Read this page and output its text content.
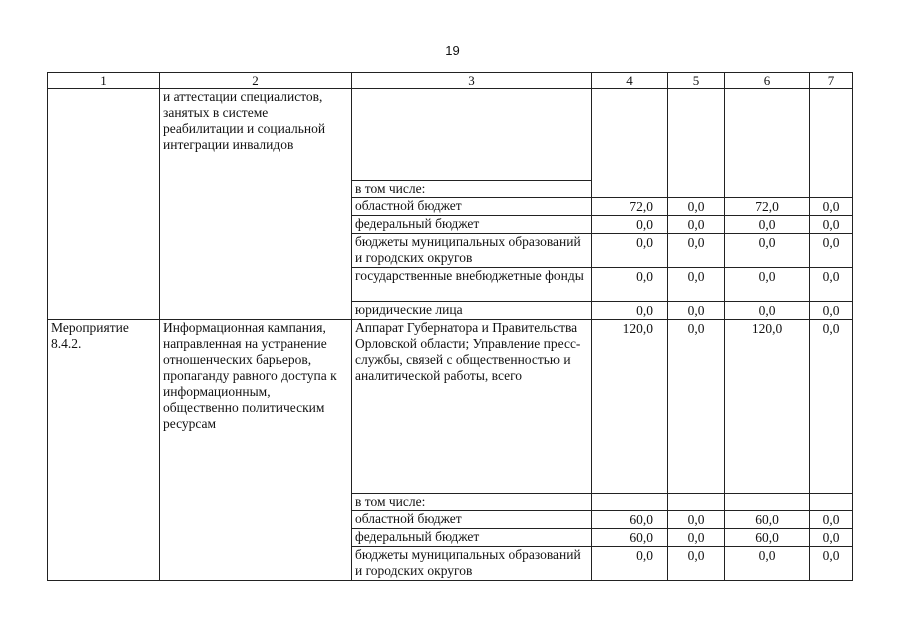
19
1	2	3	4	5	6	7
	и аттестации специалистов, занятых в системе реабилитации и социальной интеграции инвалидов					
		в том числе:				
		областной бюджет	72,0	0,0	72,0	0,0
		федеральный бюджет	0,0	0,0	0,0	0,0
		бюджеты муниципальных образований и городских округов	0,0	0,0	0,0	0,0
		государственные внебюджетные фонды	0,0	0,0	0,0	0,0
		юридические лица	0,0	0,0	0,0	0,0
Мероприятие 8.4.2.	Информационная кампания, направленная на устранение отношенческих барьеров, пропаганду равного доступа к информационным, общественно политическим ресурсам	Аппарат Губернатора и Правительства Орловской области; Управление пресс-службы, связей с общественностью и аналитической работы, всего	120,0	0,0	120,0	0,0
		в том числе:				
		областной бюджет	60,0	0,0	60,0	0,0
		федеральный бюджет	60,0	0,0	60,0	0,0
		бюджеты муниципальных образований и городских округов	0,0	0,0	0,0	0,0
